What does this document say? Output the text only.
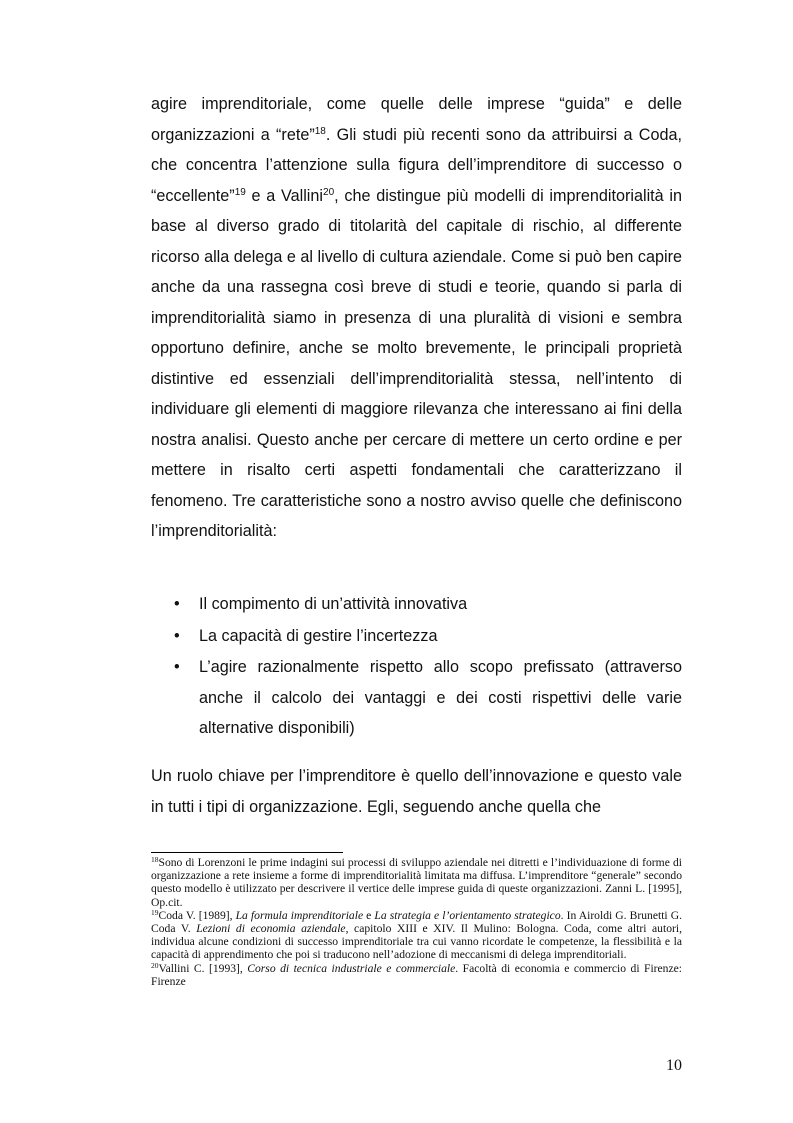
agire imprenditoriale, come quelle delle imprese “guida” e delle organizzazioni a “rete”$^{18}$. Gli studi più recenti sono da attribuirsi a Coda, che concentra l’attenzione sulla figura dell’imprenditore di successo o “eccellente”$^{19}$ e a Vallini$^{20}$, che distingue più modelli di imprenditorialità in base al diverso grado di titolarità del capitale di rischio, al differente ricorso alla delega e al livello di cultura aziendale. Come si può ben capire anche da una rassegna così breve di studi e teorie, quando si parla di imprenditorialità siamo in presenza di una pluralità di visioni e sembra opportuno definire, anche se molto brevemente, le principali proprietà distintive ed essenziali dell’imprenditorialità stessa, nell’intento di individuare gli elementi di maggiore rilevanza che interessano ai fini della nostra analisi. Questo anche per cercare di mettere un certo ordine e per mettere in risalto certi aspetti fondamentali che caratterizzano il fenomeno. Tre caratteristiche sono a nostro avviso quelle che definiscono l’imprenditorialità:

• Il compimento di un’attività innovativa
• La capacità di gestire l’incertezza
• L’agire razionalmente rispetto allo scopo prefissato (attraverso anche il calcolo dei vantaggi e dei costi rispettivi delle varie alternative disponibili)

Un ruolo chiave per l’imprenditore è quello dell’innovazione e questo vale in tutti i tipi di organizzazione. Egli, seguendo anche quella che

$^{18}$Sono di Lorenzoni le prime indagini sui processi di sviluppo aziendale nei ditretti e l’individuazione di forme di organizzazione a rete insieme a forme di imprenditorialità limitata ma diffusa. L’imprenditore “generale” secondo questo modello è utilizzato per descrivere il vertice delle imprese guida di queste organizzazioni. Zanni L. [1995], Op.cit.

$^{19}$Coda V. [1989], La formula imprenditoriale e La strategia e l’orientamento strategico. In Airoldi G. Brunetti G. Coda V. Lezioni di economia aziendale, capitolo XIII e XIV. Il Mulino: Bologna. Coda, come altri autori, individua alcune condizioni di successo imprenditoriale tra cui vanno ricordate le competenze, la flessibilità e la capacità di apprendimento che poi si traducono nell’adozione di meccanismi di delega imprenditoriali.

$^{20}$Vallini C. [1993], Corso di tecnica industriale e commerciale. Facoltà di economia e commercio di Firenze: Firenze

10
